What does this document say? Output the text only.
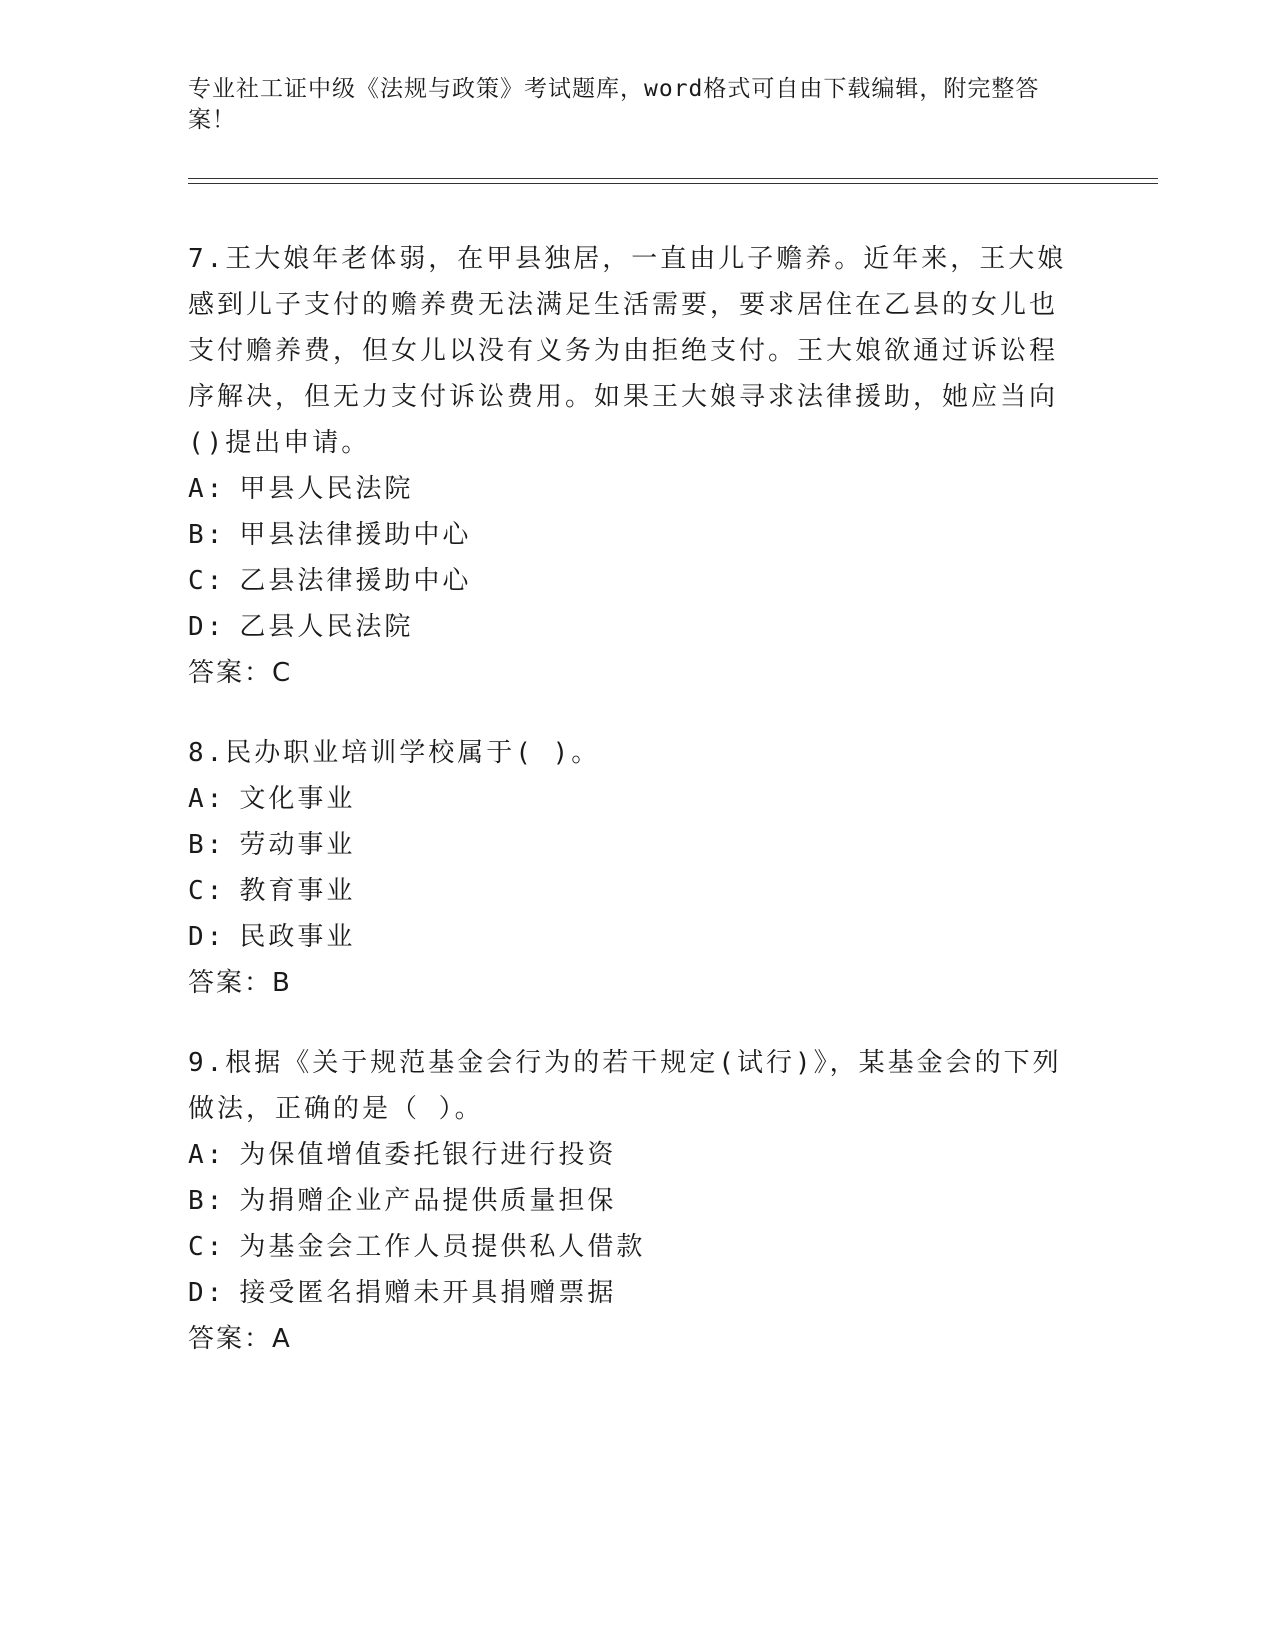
专业社工证中级《法规与政策》考试题库，word格式可自由下载编辑，附完整答案！
7.王大娘年老体弱，在甲县独居，一直由儿子赡养。近年来，王大娘感到儿子支付的赡养费无法满足生活需要，要求居住在乙县的女儿也支付赡养费，但女儿以没有义务为由拒绝支付。王大娘欲通过诉讼程序解决，但无力支付诉讼费用。如果王大娘寻求法律援助，她应当向()提出申请。
A: 甲县人民法院
B: 甲县法律援助中心
C: 乙县法律援助中心
D: 乙县人民法院
答案：C
8.民办职业培训学校属于( )。
A: 文化事业
B: 劳动事业
C: 教育事业
D: 民政事业
答案：B
9.根据《关于规范基金会行为的若干规定(试行)》，某基金会的下列做法，正确的是（ ）。
A: 为保值增值委托银行进行投资
B: 为捐赠企业产品提供质量担保
C: 为基金会工作人员提供私人借款
D: 接受匿名捐赠未开具捐赠票据
答案：A
